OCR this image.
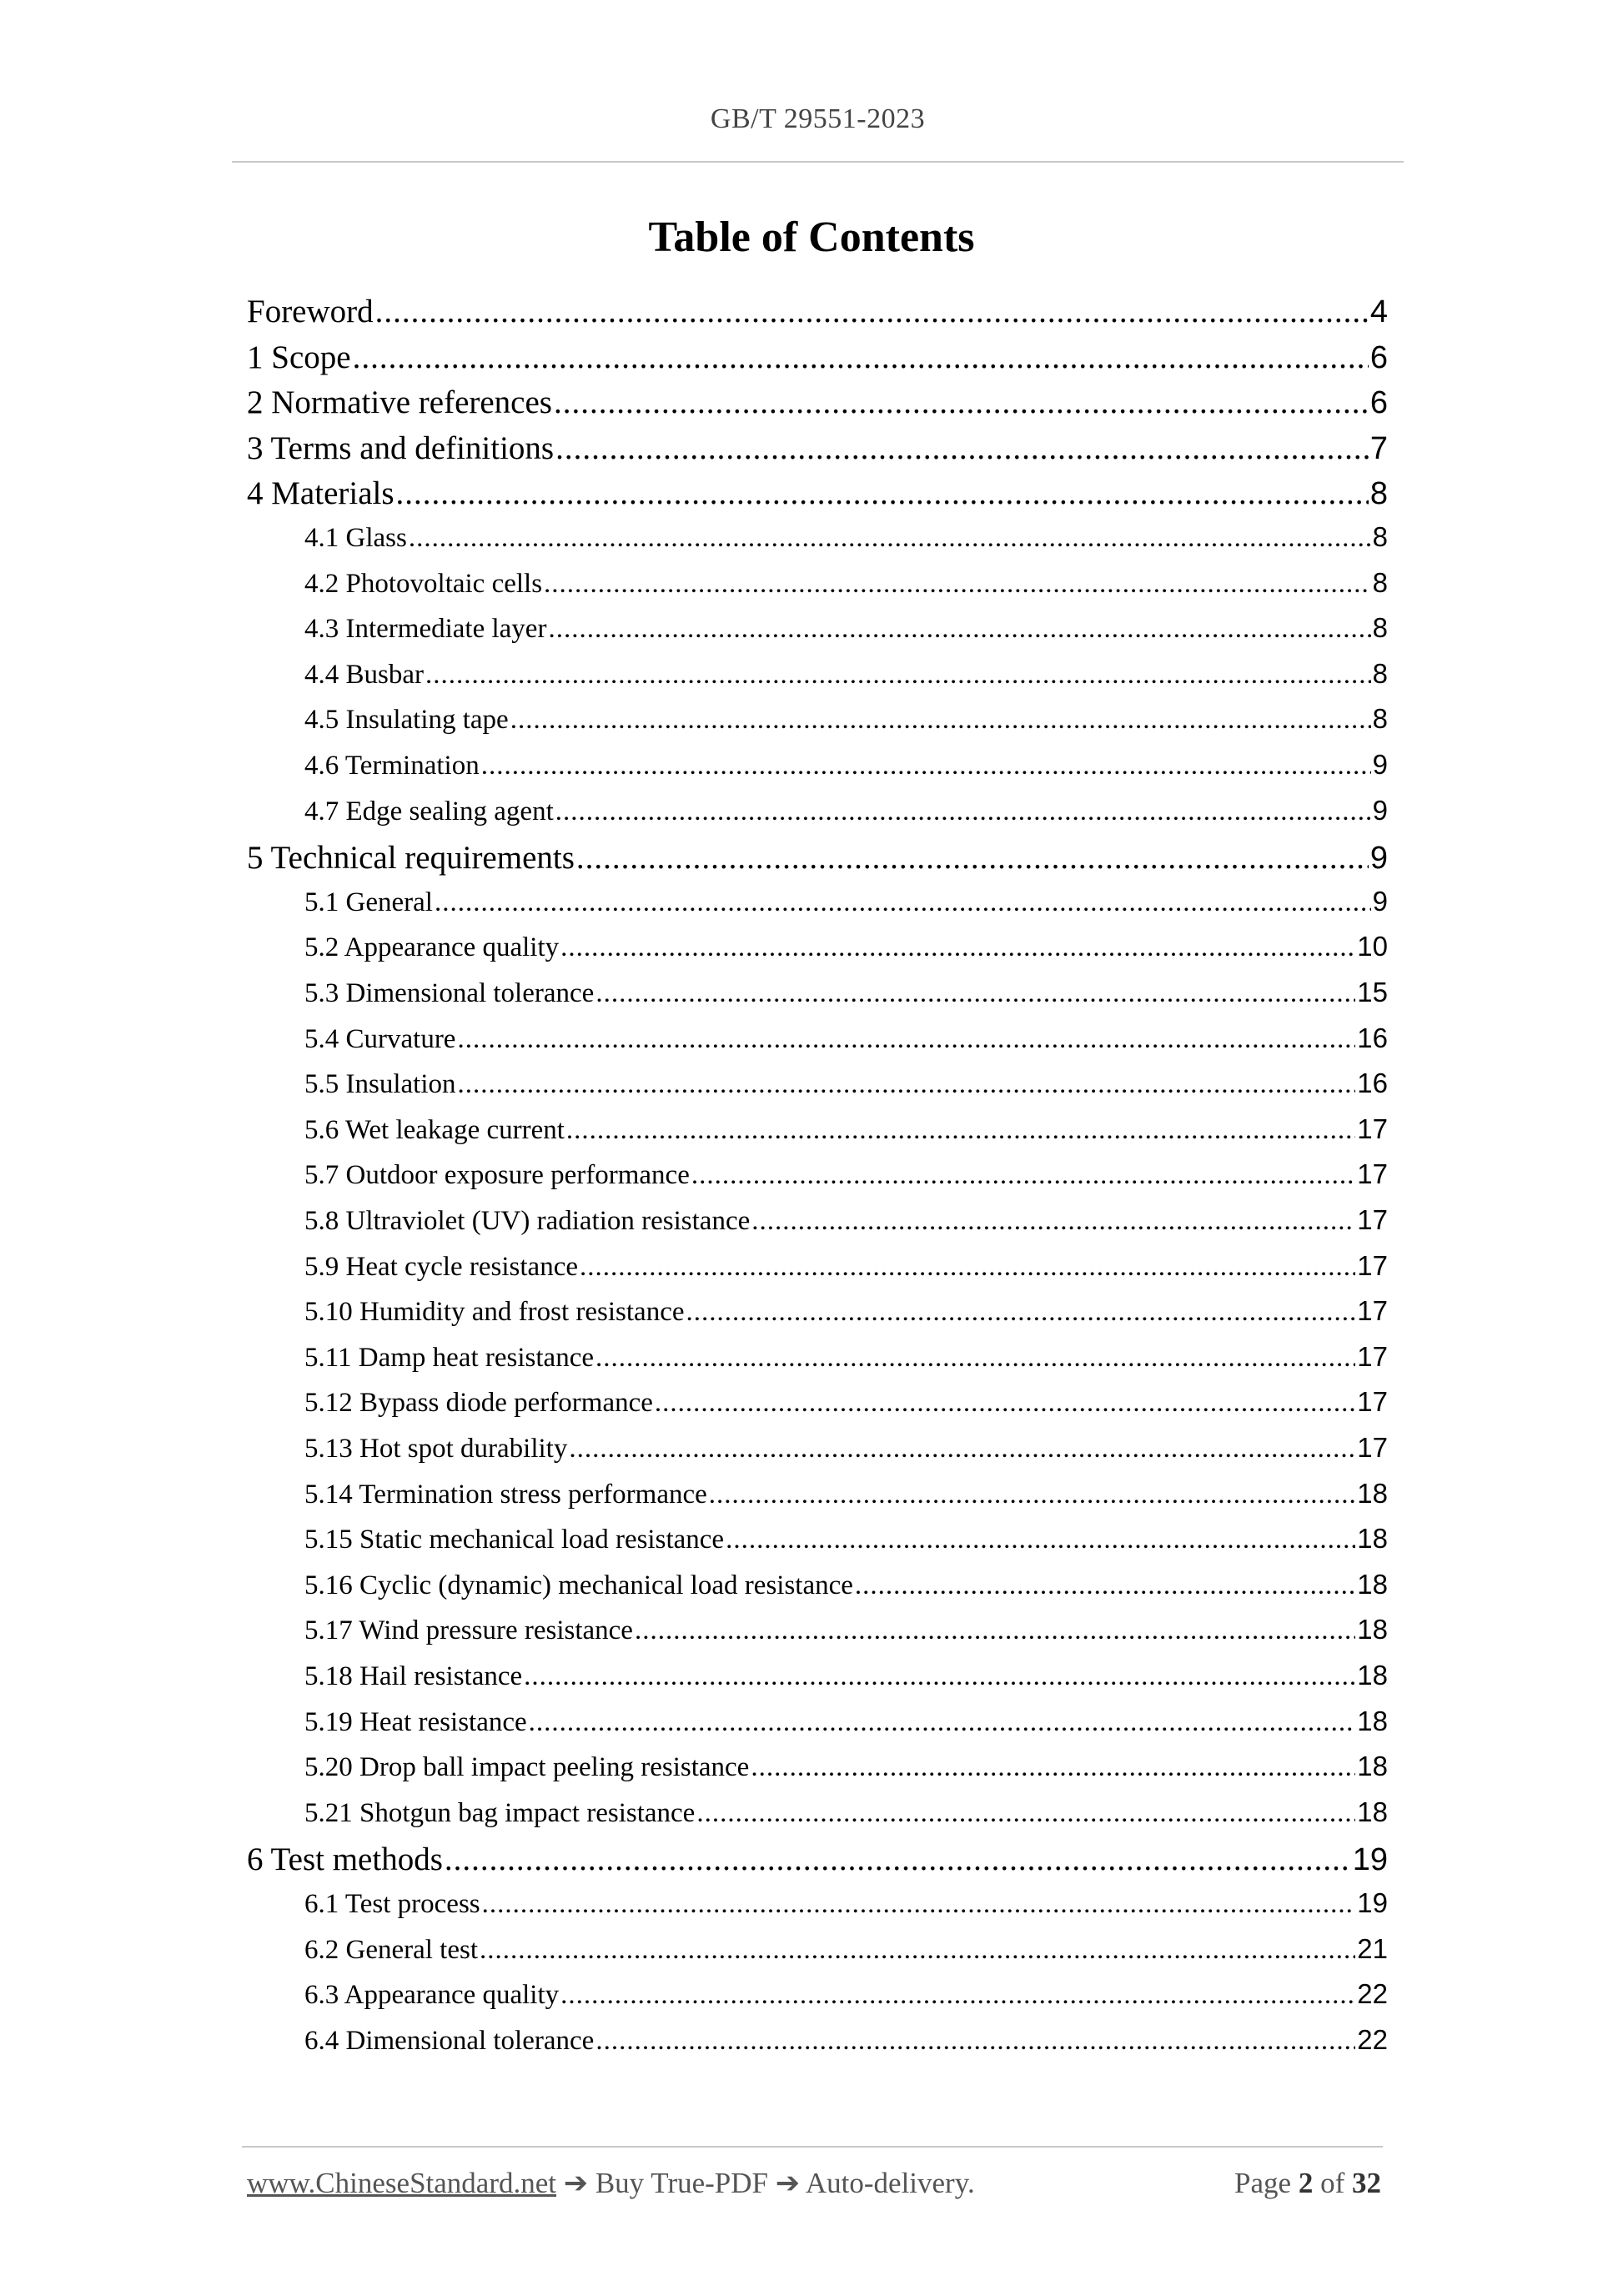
GB/T 29551-2023
Table of Contents
Foreword .....	4
1 Scope .....	6
2 Normative references .....	6
3 Terms and definitions .....	7
4 Materials .....	8
4.1 Glass .....	8
4.2 Photovoltaic cells .....	8
4.3 Intermediate layer .....	8
4.4 Busbar .....	8
4.5 Insulating tape .....	8
4.6 Termination .....	9
4.7 Edge sealing agent .....	9
5 Technical requirements .....	9
5.1 General .....	9
5.2 Appearance quality .....	10
5.3 Dimensional tolerance .....	15
5.4 Curvature .....	16
5.5 Insulation .....	16
5.6 Wet leakage current .....	17
5.7 Outdoor exposure performance .....	17
5.8 Ultraviolet (UV) radiation resistance .....	17
5.9 Heat cycle resistance .....	17
5.10 Humidity and frost resistance .....	17
5.11 Damp heat resistance .....	17
5.12 Bypass diode performance .....	17
5.13 Hot spot durability .....	17
5.14 Termination stress performance .....	18
5.15 Static mechanical load resistance .....	18
5.16 Cyclic (dynamic) mechanical load resistance .....	18
5.17 Wind pressure resistance .....	18
5.18 Hail resistance .....	18
5.19 Heat resistance .....	18
5.20 Drop ball impact peeling resistance .....	18
5.21 Shotgun bag impact resistance .....	18
6 Test methods .....	19
6.1 Test process .....	19
6.2 General test .....	21
6.3 Appearance quality .....	22
6.4 Dimensional tolerance .....	22
www.ChineseStandard.net ➔ Buy True-PDF ➔ Auto-delivery.	Page 2 of 32
